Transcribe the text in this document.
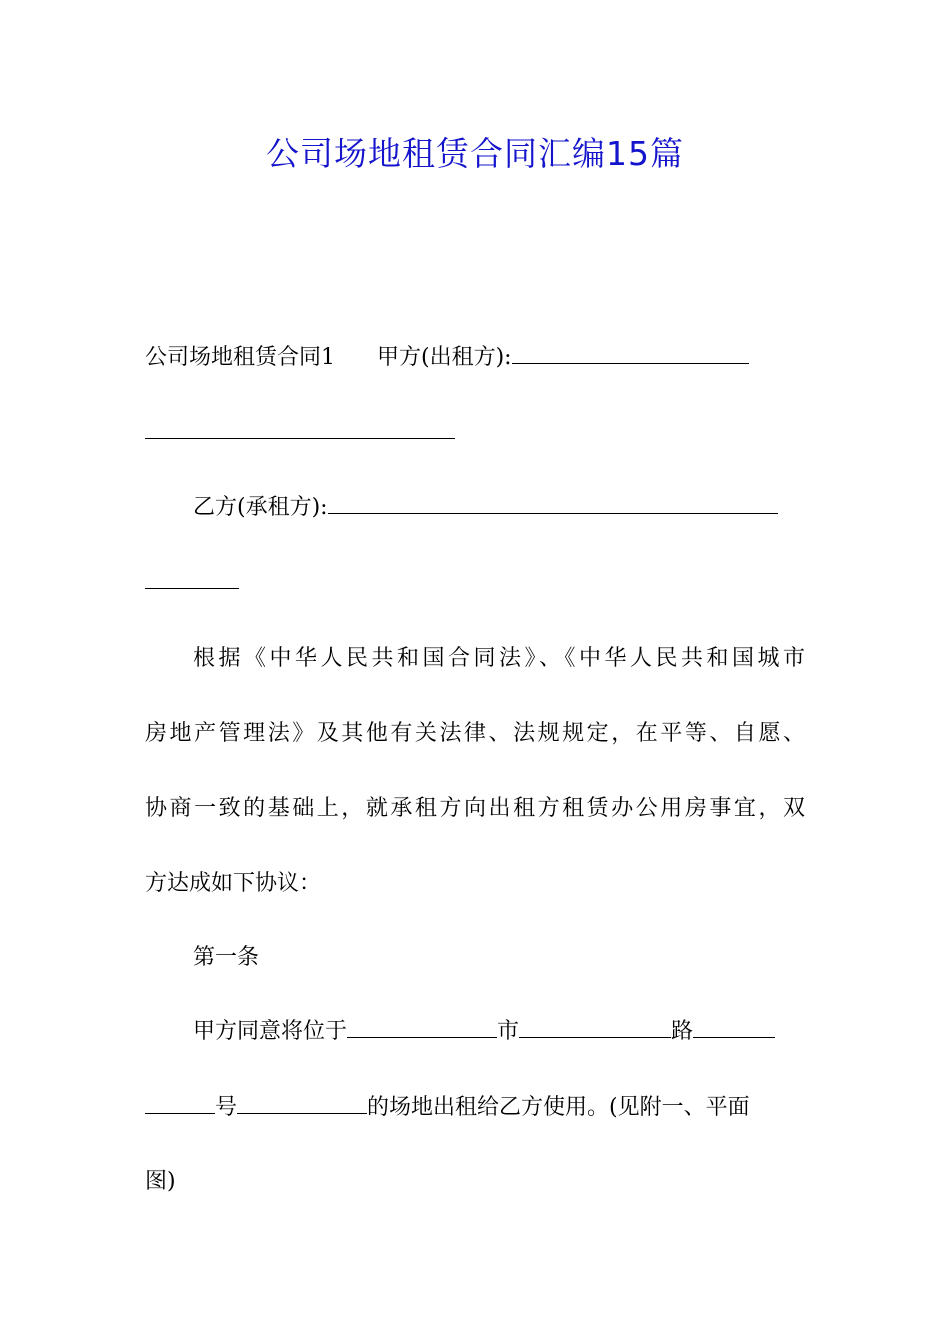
公司场地租赁合同汇编15篇
公司场地租赁合同1 甲方(出租方):
乙方(承租方):
根据《中华人民共和国合同法》、《中华人民共和国城市
房地产管理法》及其他有关法律、法规规定，在平等、自愿、
协商一致的基础上，就承租方向出租方租赁办公用房事宜，双
方达成如下协议：
第一条
甲方同意将位于	市	路
号	的场地出租给乙方使用。(见附一、平面
图)
